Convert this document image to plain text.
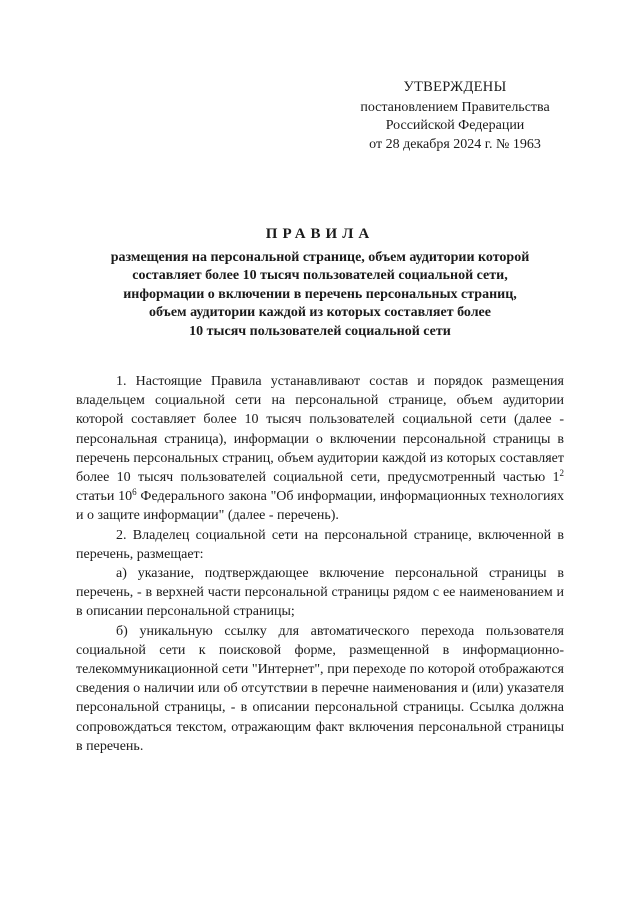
УТВЕРЖДЕНЫ
постановлением Правительства
Российской Федерации
от 28 декабря 2024 г. № 1963
ПРАВИЛА
размещения на персональной странице, объем аудитории которой
составляет более 10 тысяч пользователей социальной сети,
информации о включении в перечень персональных страниц,
объем аудитории каждой из которых составляет более
10 тысяч пользователей социальной сети

1. Настоящие Правила устанавливают состав и порядок размещения владельцем социальной сети на персональной странице, объем аудитории которой составляет более 10 тысяч пользователей социальной сети (далее - персональная страница), информации о включении персональной страницы в перечень персональных страниц, объем аудитории каждой из которых составляет более 10 тысяч пользователей социальной сети, предусмотренный частью $1^2$ статьи $10^6$ Федерального закона "Об информации, информационных технологиях и о защите информации" (далее - перечень).

2. Владелец социальной сети на персональной странице, включенной в перечень, размещает:

а) указание, подтверждающее включение персональной страницы в перечень, - в верхней части персональной страницы рядом с ее наименованием и в описании персональной страницы;

б) уникальную ссылку для автоматического перехода пользователя социальной сети к поисковой форме, размещенной в информационно-телекоммуникационной сети "Интернет", при переходе по которой отображаются сведения о наличии или об отсутствии в перечне наименования и (или) указателя персональной страницы, - в описании персональной страницы. Ссылка должна сопровождаться текстом, отражающим факт включения персональной страницы в перечень.
